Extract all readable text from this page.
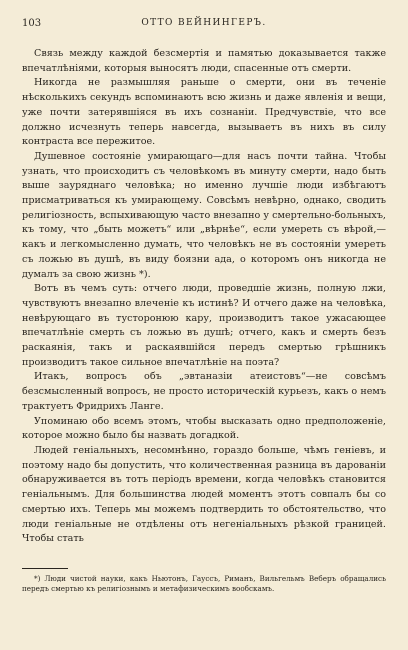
103	ОТТО ВЕЙНИНГЕРЪ.

Связь между каждой безсмертія и памятью доказывается также впечатлѣніями, которыя выносятъ люди, спасенные отъ смерти.

Никогда не размышляя раньше о смерти, они въ теченіе нѣсколькихъ секундъ вспоминаютъ всю жизнь и даже явленія и вещи, уже почти затерявшіяся въ ихъ сознаніи. Предчувствіе, что все должно исчезнуть теперь навсегда, вызываетъ въ нихъ въ силу контраста все пережитое.

Душевное состояніе умирающаго—для насъ почти тайна. Чтобы узнать, что происходитъ съ человѣкомъ въ минуту смерти, надо быть выше зауряднаго человѣка; но именно лучшіе люди избѣгаютъ присматриваться къ умирающему. Совсѣмъ невѣрно, однако, сводить религіозность, вспыхивающую часто внезапно у смертельно-больныхъ, къ тому, что „быть можетъ“ или „вѣрнѣе“, если умереть съ вѣрой,—какъ и легкомысленно думать, что человѣкъ не въ состояніи умереть съ ложью въ душѣ, въ виду боязни ада, о которомъ онъ никогда не думалъ за свою жизнь *).

Вотъ въ чемъ суть: отчего люди, проведшіе жизнь, полную лжи, чувствуютъ внезапно влеченіе къ истинѣ? И отчего даже на человѣка, невѣрующаго въ тусторонюю кару, производитъ такое ужасающее впечатлѣніе смерть съ ложью въ душѣ; отчего, какъ и смерть безъ раскаянія, такъ и раскаявшійся передъ смертью грѣшникъ производитъ такое сильное впечатлѣніе на поэта?

Итакъ, вопросъ объ „эвтаназіи атеистовъ“—не совсѣмъ безсмысленный вопросъ, не просто историческій курьезъ, какъ о немъ трактуетъ Фридрихъ Ланге.

Упоминаю обо всемъ этомъ, чтобы высказать одно предположеніе, которое можно было бы назвать догадкой.

Людей геніальныхъ, несомнѣнно, гораздо больше, чѣмъ геніевъ, и поэтому надо бы допустить, что количественная разница въ дарованіи обнаруживается въ тотъ періодъ времени, когда человѣкъ становится геніальнымъ. Для большинства людей моментъ этотъ совпалъ бы со смертью ихъ. Теперь мы можемъ подтвердить то обстоятельство, что люди геніальные не отдѣлены отъ негеніальныхъ рѣзкой границей. Чтобы стать

*) Люди чистой науки, какъ Ньютонъ, Гауссъ, Риманъ, Вильгельмъ Веберъ обращались передъ смертью къ религіознымъ и метафизическимъ вообскамъ.
